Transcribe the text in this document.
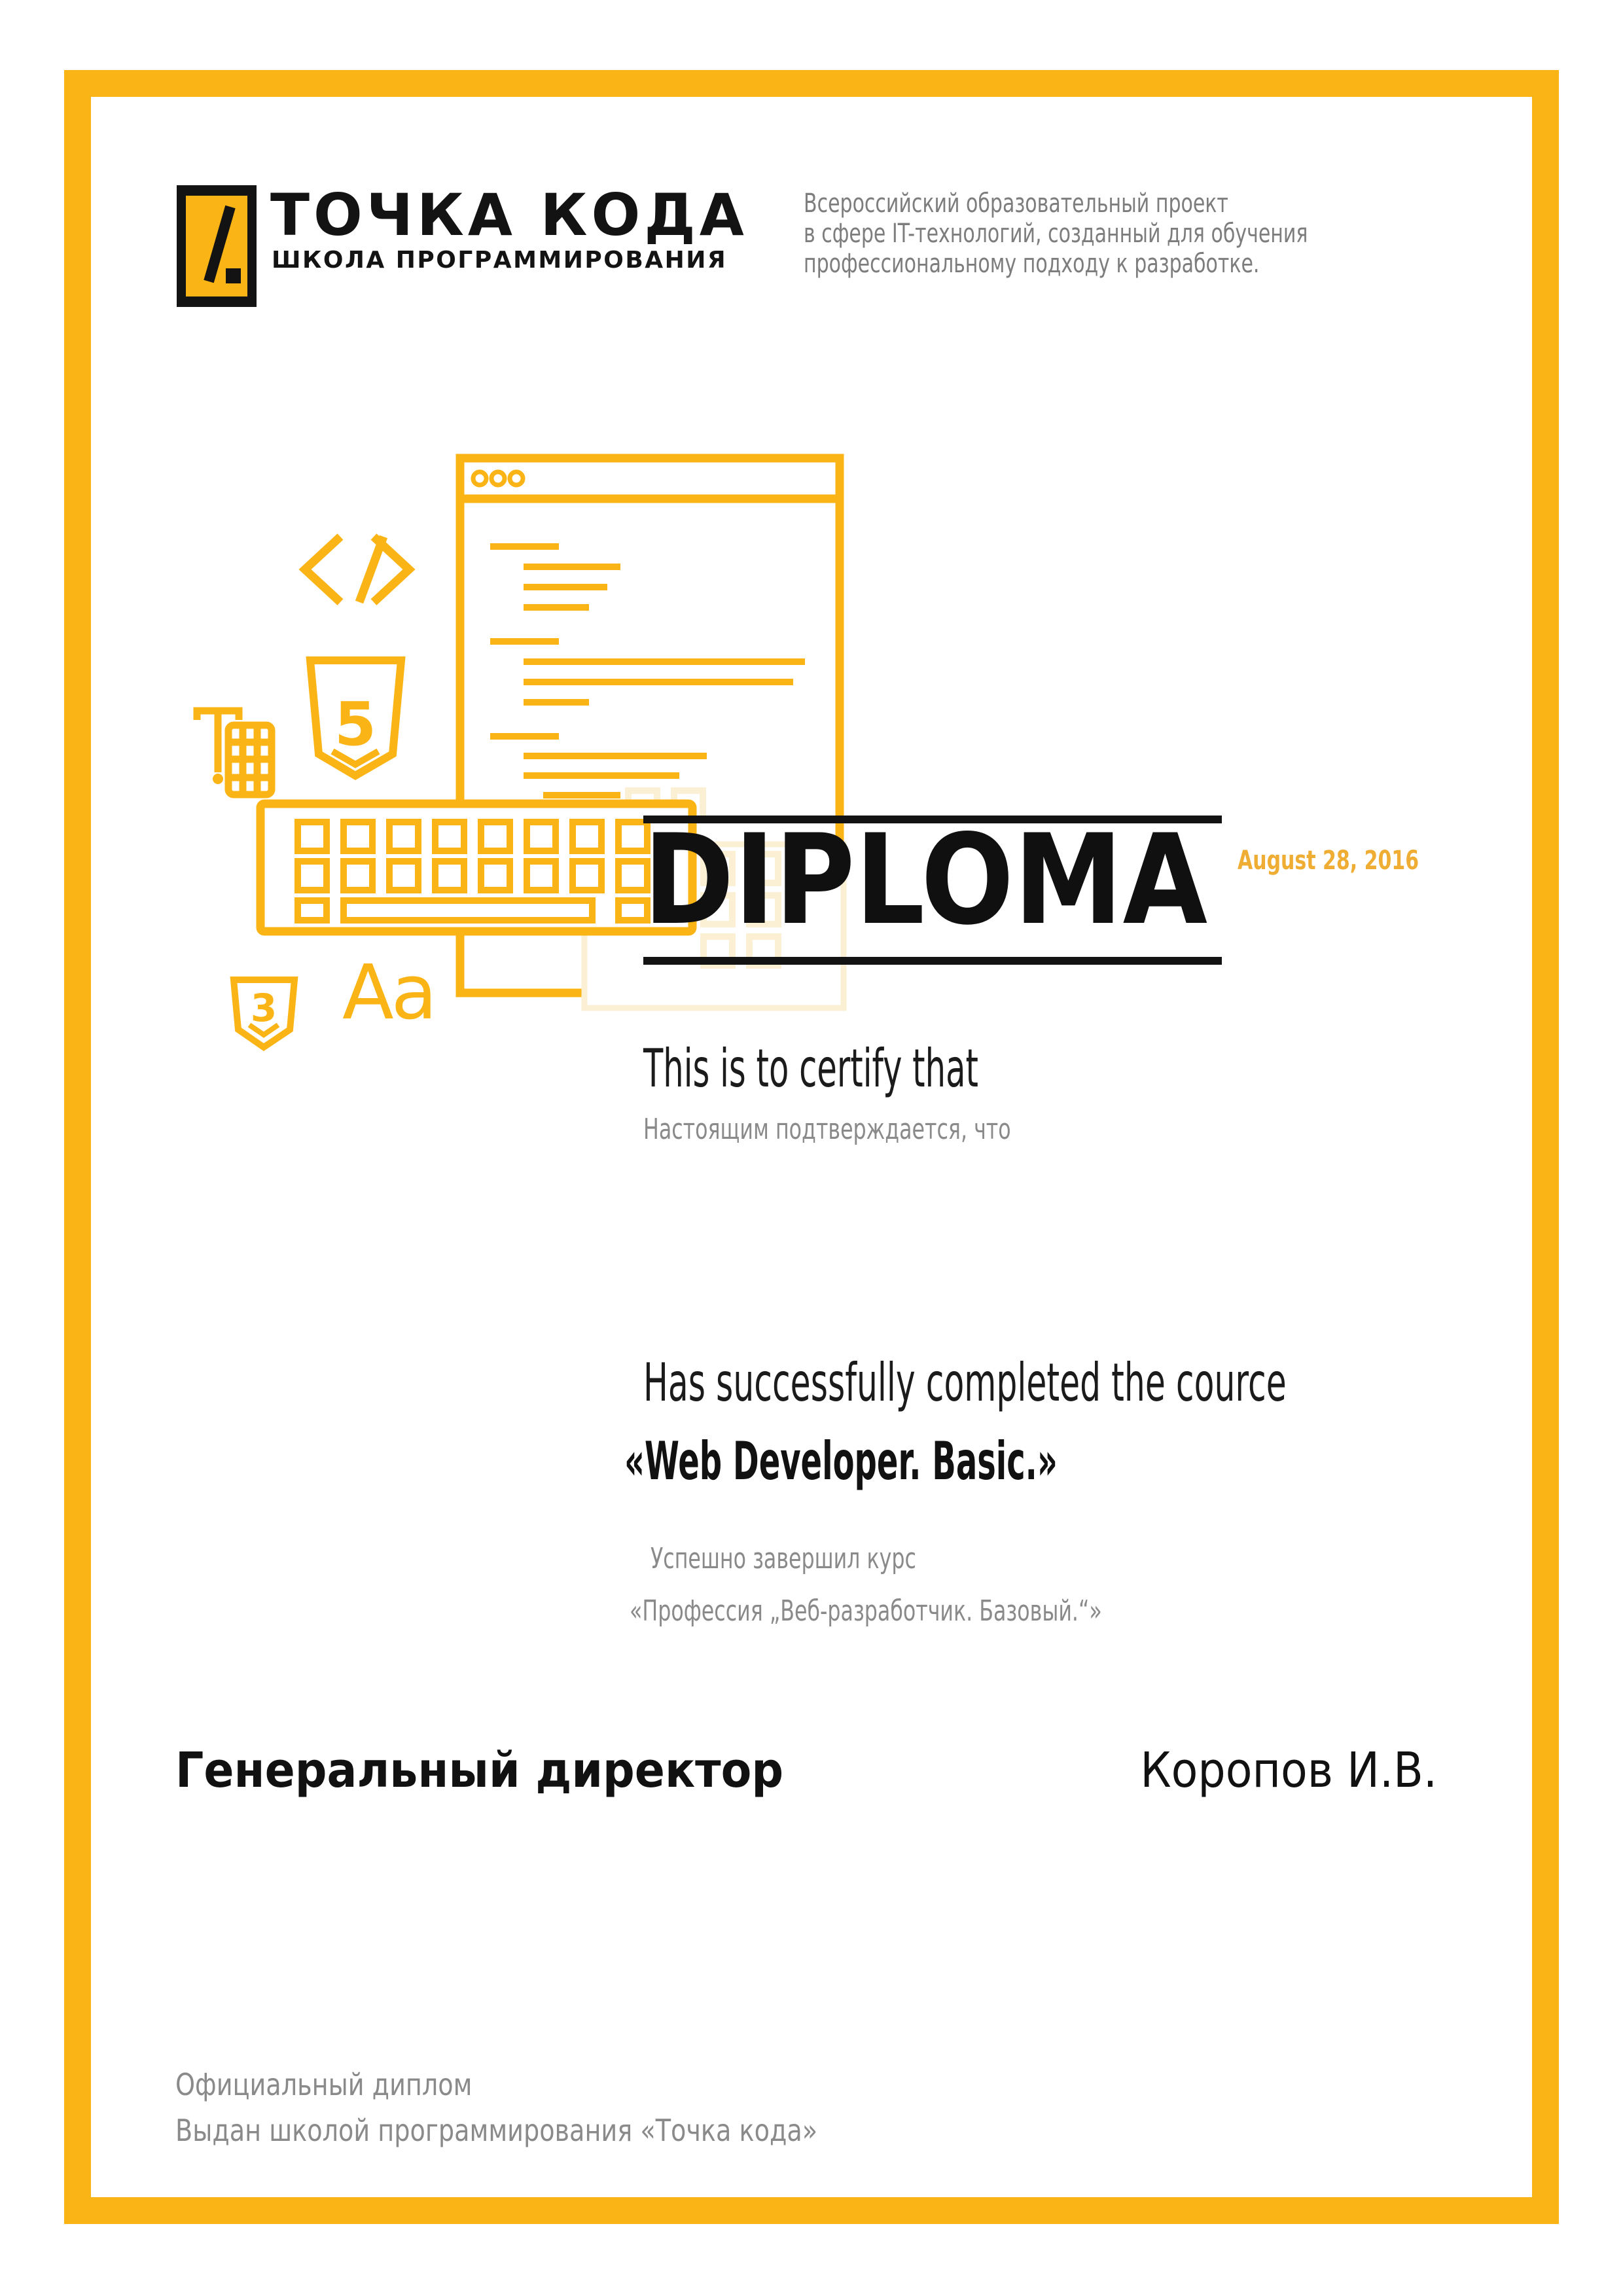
5
Aa
3
ТОЧКА КОДА
ШКОЛА ПРОГРАММИРОВАНИЯ
Всероссийский образовательный проект
в сфере IT-технологий, созданный для обучения
профессиональному подходу к разработке.
DIPLOMA	August 28, 2016
This is to certify that
Настоящим подтверждается, что
Has successfully completed the cource
«Web Developer. Basic.»
Успешно завершил курс
«Профессия „Веб-разработчик. Базовый.“»
Генеральный директор	Коропов И.В.
Официальный диплом
Выдан школой программирования «Точка кода»
